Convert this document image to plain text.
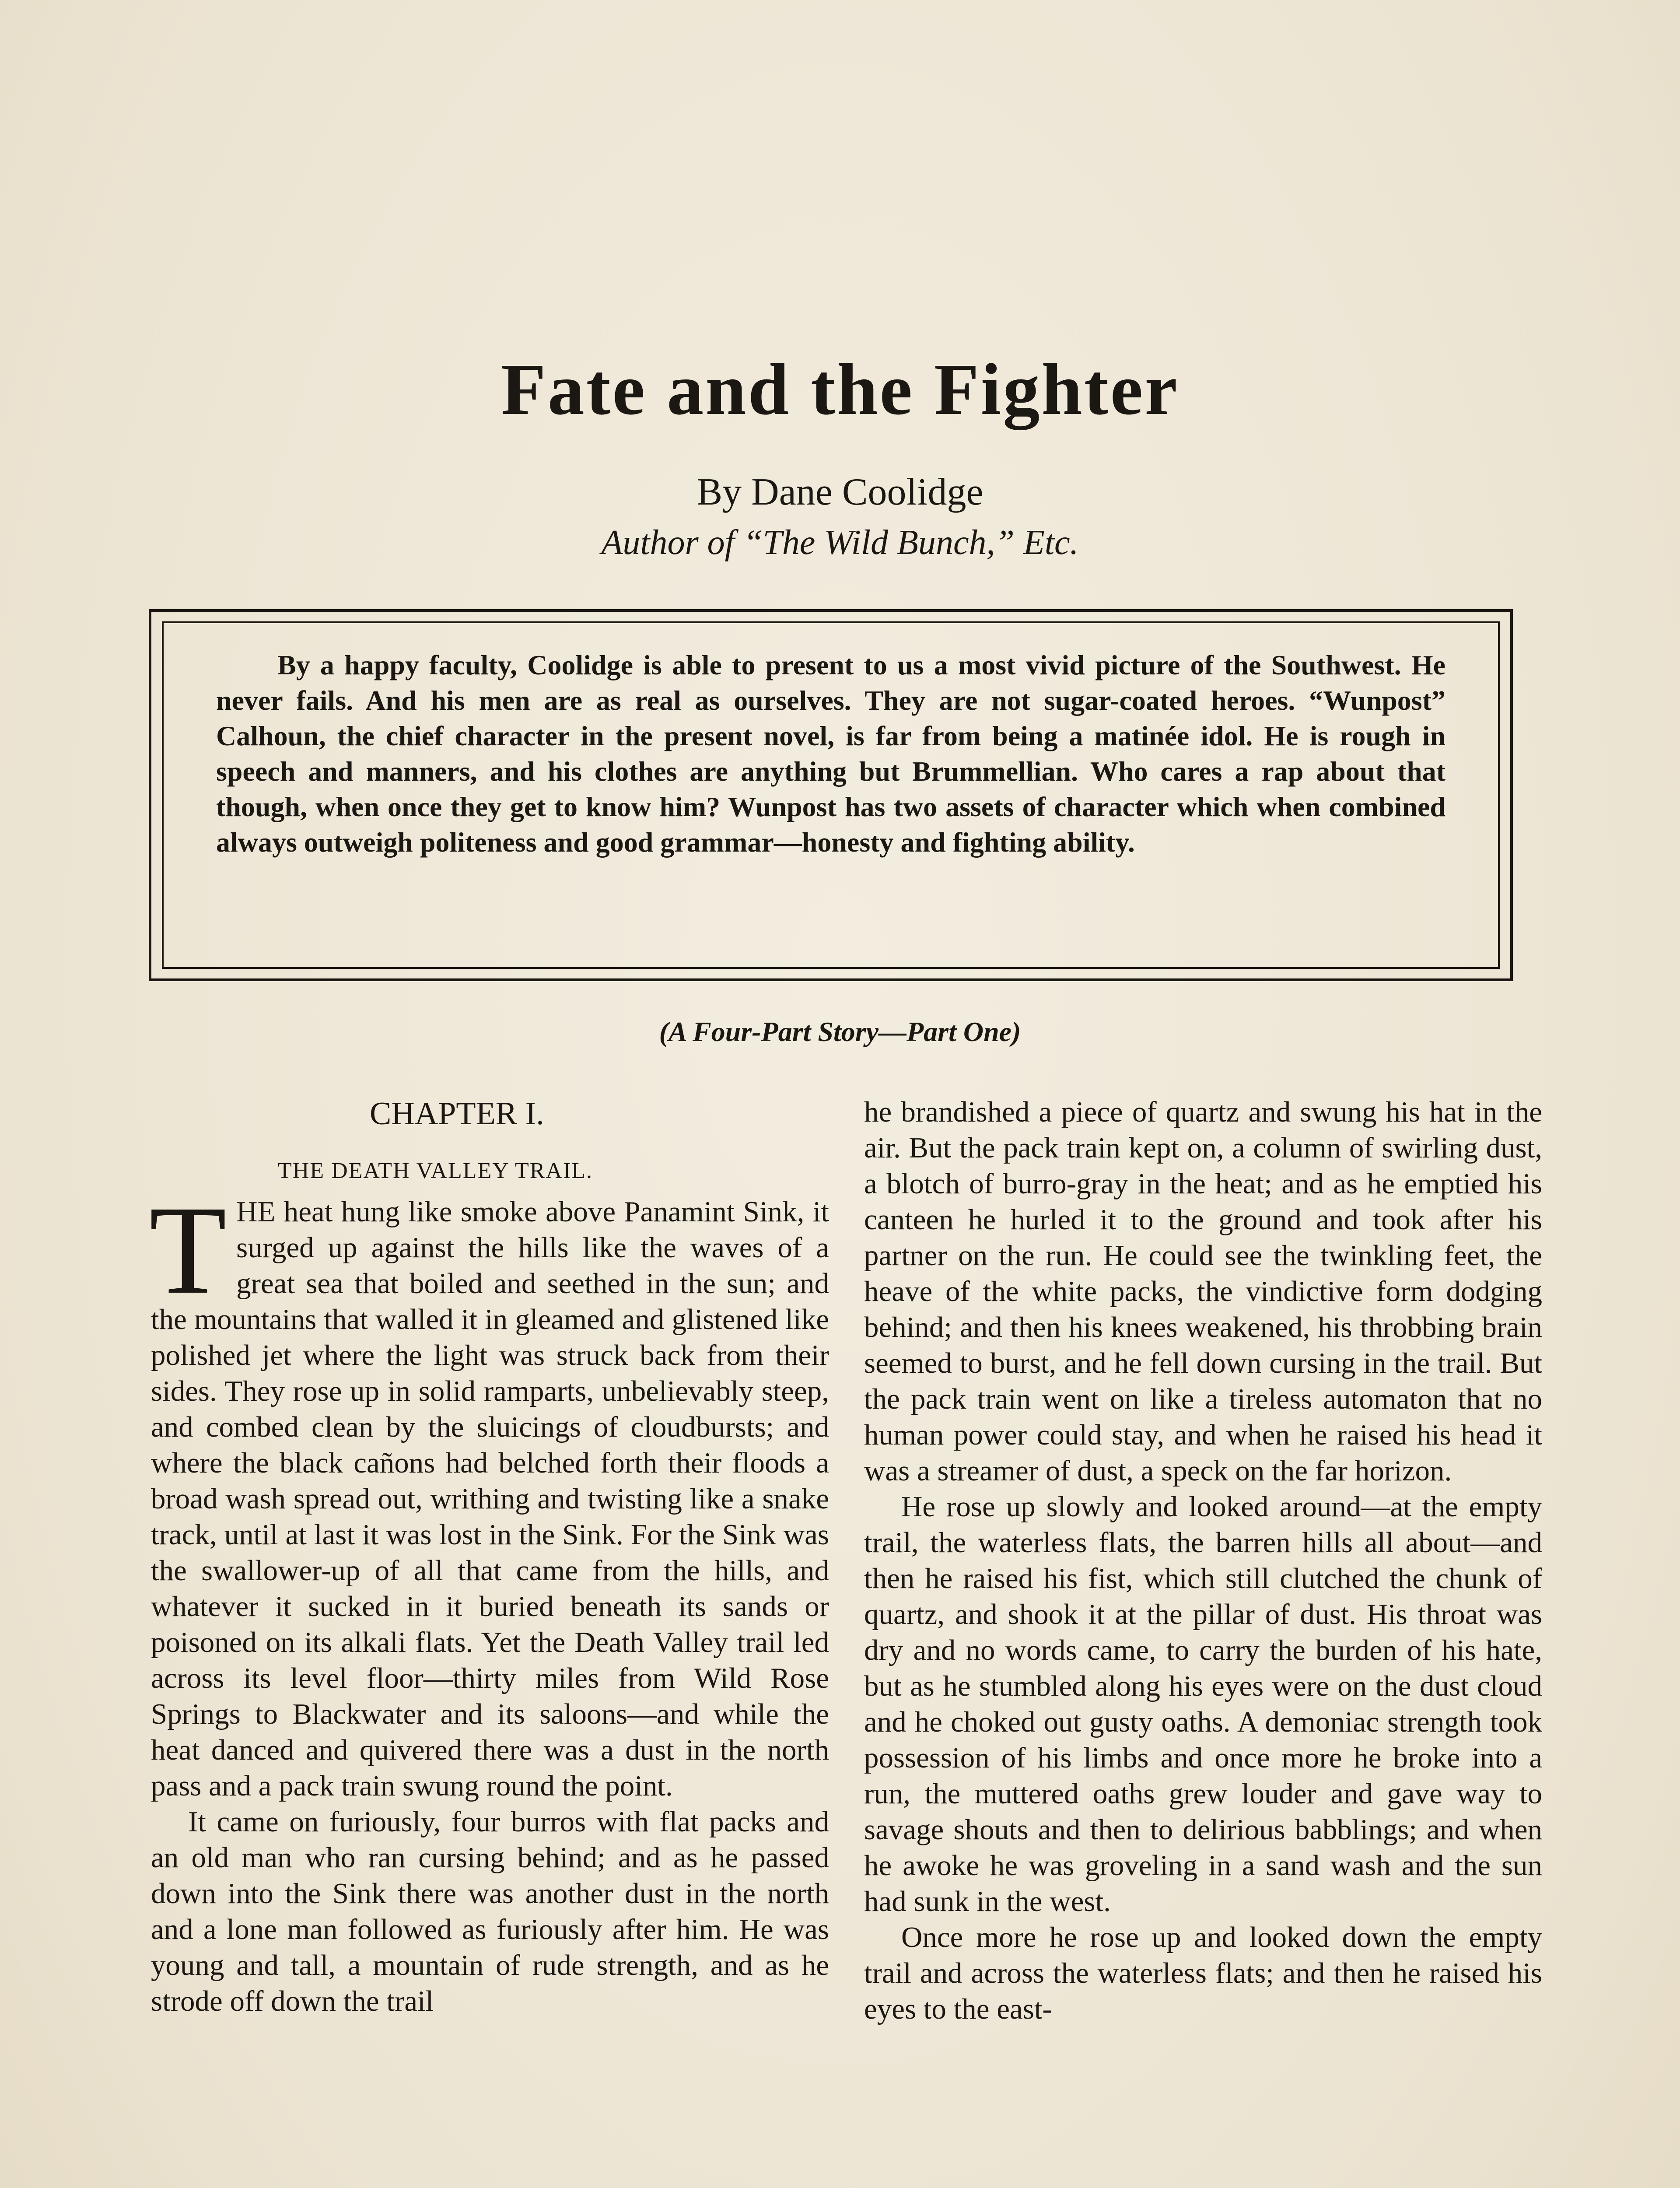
Fate and the Fighter
By Dane Coolidge
Author of “The Wild Bunch,” Etc.

By a happy faculty, Coolidge is able to present to us a most vivid picture of the Southwest. He never fails. And his men are as real as ourselves. They are not sugar-coated heroes. “Wunpost” Calhoun, the chief character in the present novel, is far from being a matinée idol. He is rough in speech and manners, and his clothes are anything but Brummellian. Who cares a rap about that though, when once they get to know him? Wunpost has two assets of character which when combined always outweigh politeness and good grammar—honesty and fighting ability.

(A Four-Part Story—Part One)
CHAPTER I.
THE DEATH VALLEY TRAIL.

THE heat hung like smoke above Panamint Sink, it surged up against the hills like the waves of a great sea that boiled and seethed in the sun; and the mountains that walled it in gleamed and glistened like polished jet where the light was struck back from their sides. They rose up in solid ramparts, unbelievably steep, and combed clean by the sluicings of cloudbursts; and where the black cañons had belched forth their floods a broad wash spread out, writhing and twisting like a snake track, until at last it was lost in the Sink. For the Sink was the swallower-up of all that came from the hills, and whatever it sucked in it buried beneath its sands or poisoned on its alkali flats. Yet the Death Valley trail led across its level floor—thirty miles from Wild Rose Springs to Blackwater and its saloons—and while the heat danced and quivered there was a dust in the north pass and a pack train swung round the point.

It came on furiously, four burros with flat packs and an old man who ran cursing behind; and as he passed down into the Sink there was another dust in the north and a lone man followed as furiously after him. He was young and tall, a mountain of rude strength, and as he strode off down the trail

he brandished a piece of quartz and swung his hat in the air. But the pack train kept on, a column of swirling dust, a blotch of burro-gray in the heat; and as he emptied his canteen he hurled it to the ground and took after his partner on the run. He could see the twinkling feet, the heave of the white packs, the vindictive form dodging behind; and then his knees weakened, his throbbing brain seemed to burst, and he fell down cursing in the trail. But the pack train went on like a tireless automaton that no human power could stay, and when he raised his head it was a streamer of dust, a speck on the far horizon.

He rose up slowly and looked around—at the empty trail, the waterless flats, the barren hills all about—and then he raised his fist, which still clutched the chunk of quartz, and shook it at the pillar of dust. His throat was dry and no words came, to carry the burden of his hate, but as he stumbled along his eyes were on the dust cloud and he choked out gusty oaths. A demoniac strength took possession of his limbs and once more he broke into a run, the muttered oaths grew louder and gave way to savage shouts and then to delirious babblings; and when he awoke he was groveling in a sand wash and the sun had sunk in the west.

Once more he rose up and looked down the empty trail and across the waterless flats; and then he raised his eyes to the east-
